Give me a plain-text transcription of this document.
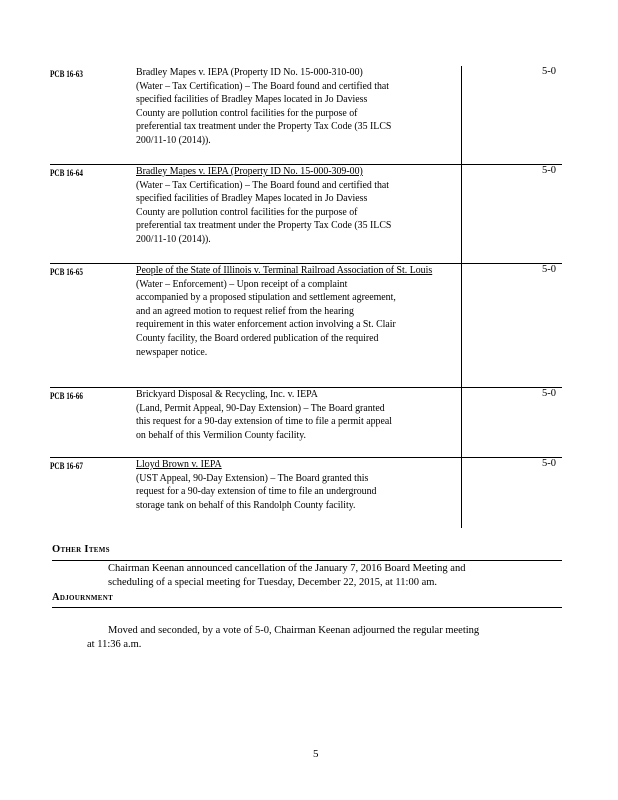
PCB 16-63	Bradley Mapes v. IEPA (Property ID No. 15-000-310-00)
(Water – Tax Certification) – The Board found and certified that
specified facilities of Bradley Mapes located in Jo Daviess
County are pollution control facilities for the purpose of
preferential tax treatment under the Property Tax Code (35 ILCS
200/11-10 (2014)).
5-0
PCB 16-64	Bradley Mapes v. IEPA (Property ID No. 15-000-309-00)
(Water – Tax Certification) – The Board found and certified that
specified facilities of Bradley Mapes located in Jo Daviess
County are pollution control facilities for the purpose of
preferential tax treatment under the Property Tax Code (35 ILCS
200/11-10 (2014)).
5-0
PCB 16-65	People of the State of Illinois v. Terminal Railroad Association of St. Louis
(Water – Enforcement) – Upon receipt of a complaint
accompanied by a proposed stipulation and settlement agreement,
and an agreed motion to request relief from the hearing
requirement in this water enforcement action involving a St. Clair
County facility, the Board ordered publication of the required
newspaper notice.
5-0
PCB 16-66	Brickyard Disposal & Recycling, Inc. v. IEPA
(Land, Permit Appeal, 90-Day Extension) – The Board granted
this request for a 90-day extension of time to file a permit appeal
on behalf of this Vermilion County facility.
5-0
PCB 16-67	Lloyd Brown v. IEPA
(UST Appeal, 90-Day Extension) – The Board granted this
request for a 90-day extension of time to file an underground
storage tank on behalf of this Randolph County facility.
5-0
Other Items
Chairman Keenan announced cancellation of the January 7, 2016 Board Meeting and
scheduling of a special meeting for Tuesday, December 22, 2015, at 11:00 am.
Adjournment
Moved and seconded, by a vote of 5-0, Chairman Keenan adjourned the regular meeting
at 11:36 a.m.
5
